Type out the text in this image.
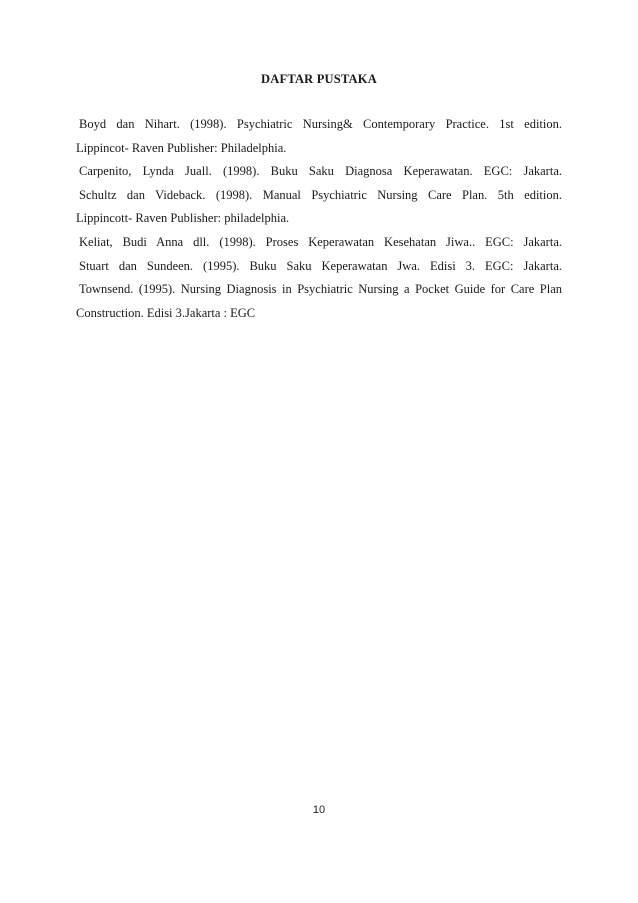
DAFTAR PUSTAKA
Boyd dan Nihart. (1998). Psychiatric Nursing& Contemporary Practice. 1st edition.
Lippincot- Raven Publisher: Philadelphia.
Carpenito, Lynda Juall. (1998). Buku Saku Diagnosa Keperawatan. EGC: Jakarta.
Schultz dan Videback. (1998). Manual Psychiatric Nursing Care Plan. 5th edition.
Lippincott- Raven Publisher: philadelphia.
Keliat, Budi Anna dll. (1998). Proses Keperawatan Kesehatan Jiwa.. EGC: Jakarta.
Stuart dan Sundeen. (1995). Buku Saku Keperawatan Jwa. Edisi 3. EGC: Jakarta.
Townsend. (1995). Nursing Diagnosis in Psychiatric Nursing a Pocket Guide for Care Plan
Construction. Edisi 3.Jakarta : EGC

10
